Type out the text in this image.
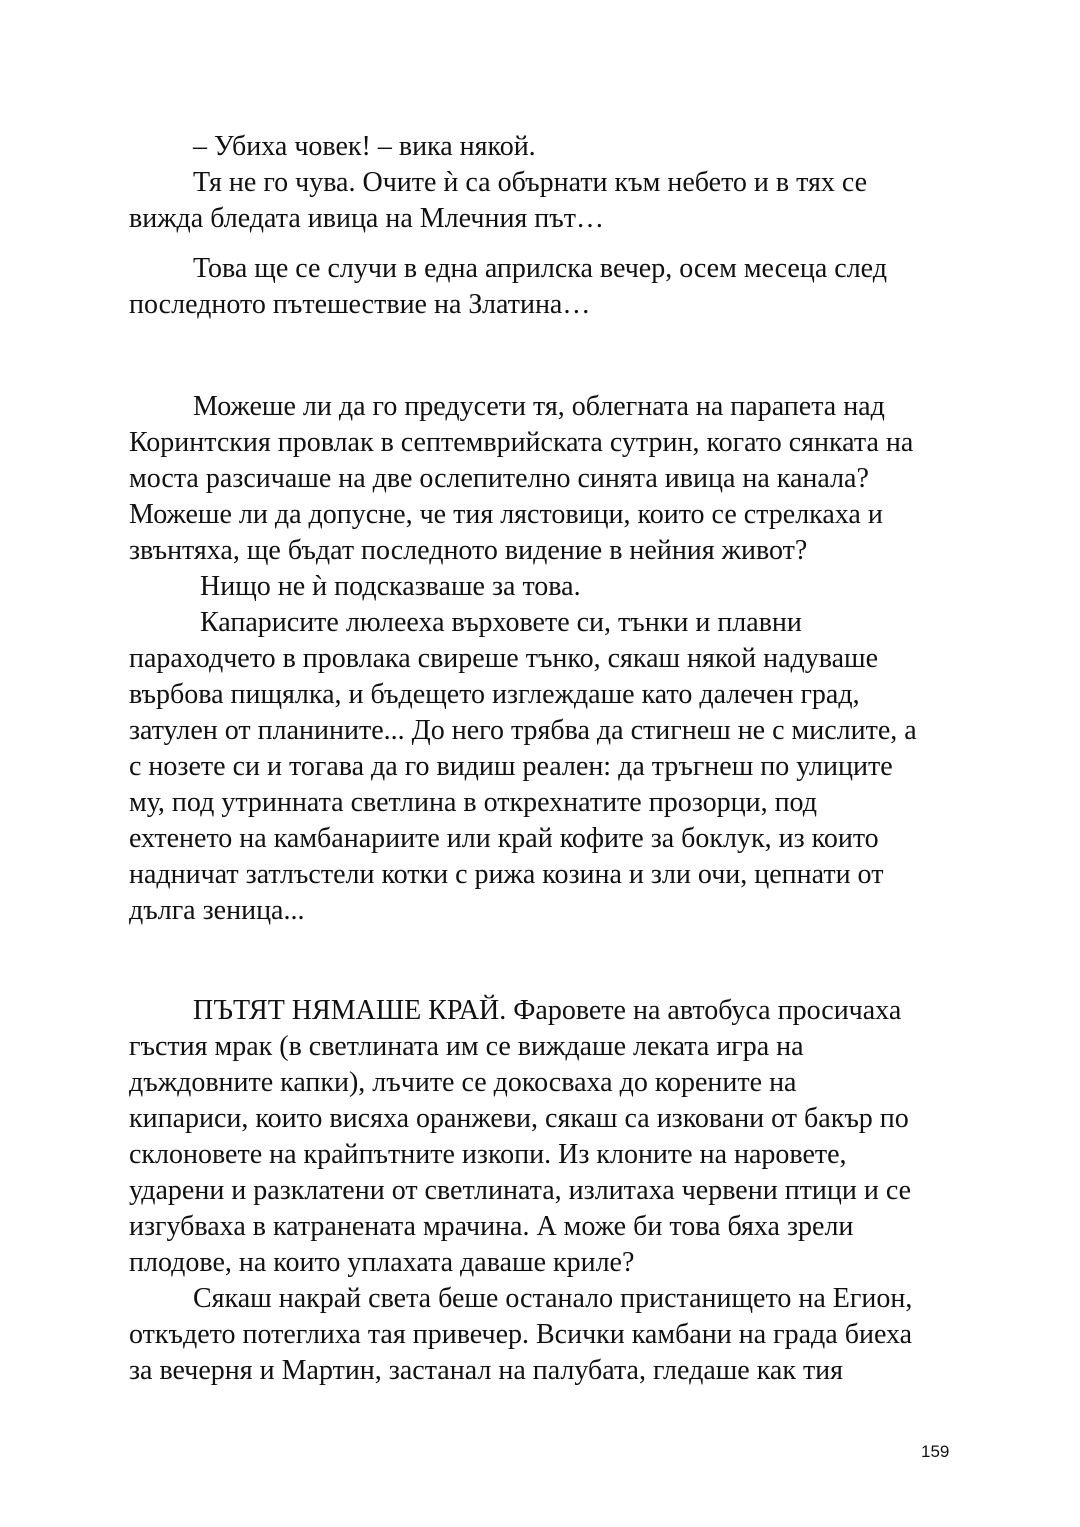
– Убиха човек! – вика някой.

Тя не го чува. Очите ѝ са обърнати към небето и в тях се

вижда бледата ивица на Млечния път…

Това ще се случи в една априлска вечер, осем месеца след

последното пътешествие на Златина…

Можеше ли да го предусети тя, облегната на парапета над

Коринтския провлак в септемврийската сутрин, когато сянката на

моста разсичаше на две ослепително синята ивица на канала?

Можеше ли да допусне, че тия лястовици, които се стрелкаха и

звънтяха, ще бъдат последното видение в нейния живот?

Нищо не ѝ подсказваше за това.

Капарисите люлееха върховете си, тънки и плавни

параходчето в провлака свиреше тънко, сякаш някой надуваше

върбова пищялка, и бъдещето изглеждаше като далечен град,

затулен от планините... До него трябва да стигнеш не с мислите, а

с нозете си и тогава да го видиш реален: да тръгнеш по улиците

му, под утринната светлина в открехнатите прозорци, под

ехтенето на камбанариите или край кофите за боклук, из които

надничат затлъстели котки с рижа козина и зли очи, цепнати от

дълга зеница...

ПЪТЯТ НЯМАШЕ КРАЙ. Фаровете на автобуса просичаха

гъстия мрак (в светлината им се виждаше леката игра на

дъждовните капки), лъчите се докосваха до корените на

кипариси, които висяха оранжеви, сякаш са изковани от бакър по

склоновете на крайпътните изкопи. Из клоните на наровете,

ударени и разклатени от светлината, излитаха червени птици и се

изгубваха в катранената мрачина. А може би това бяха зрели

плодове, на които уплахата даваше криле?

Сякаш накрай света беше останало пристанището на Егион,

откъдето потеглиха тая привечер. Всички камбани на града биеха

за вечерня и Мартин, застанал на палубата, гледаше как тия

159
